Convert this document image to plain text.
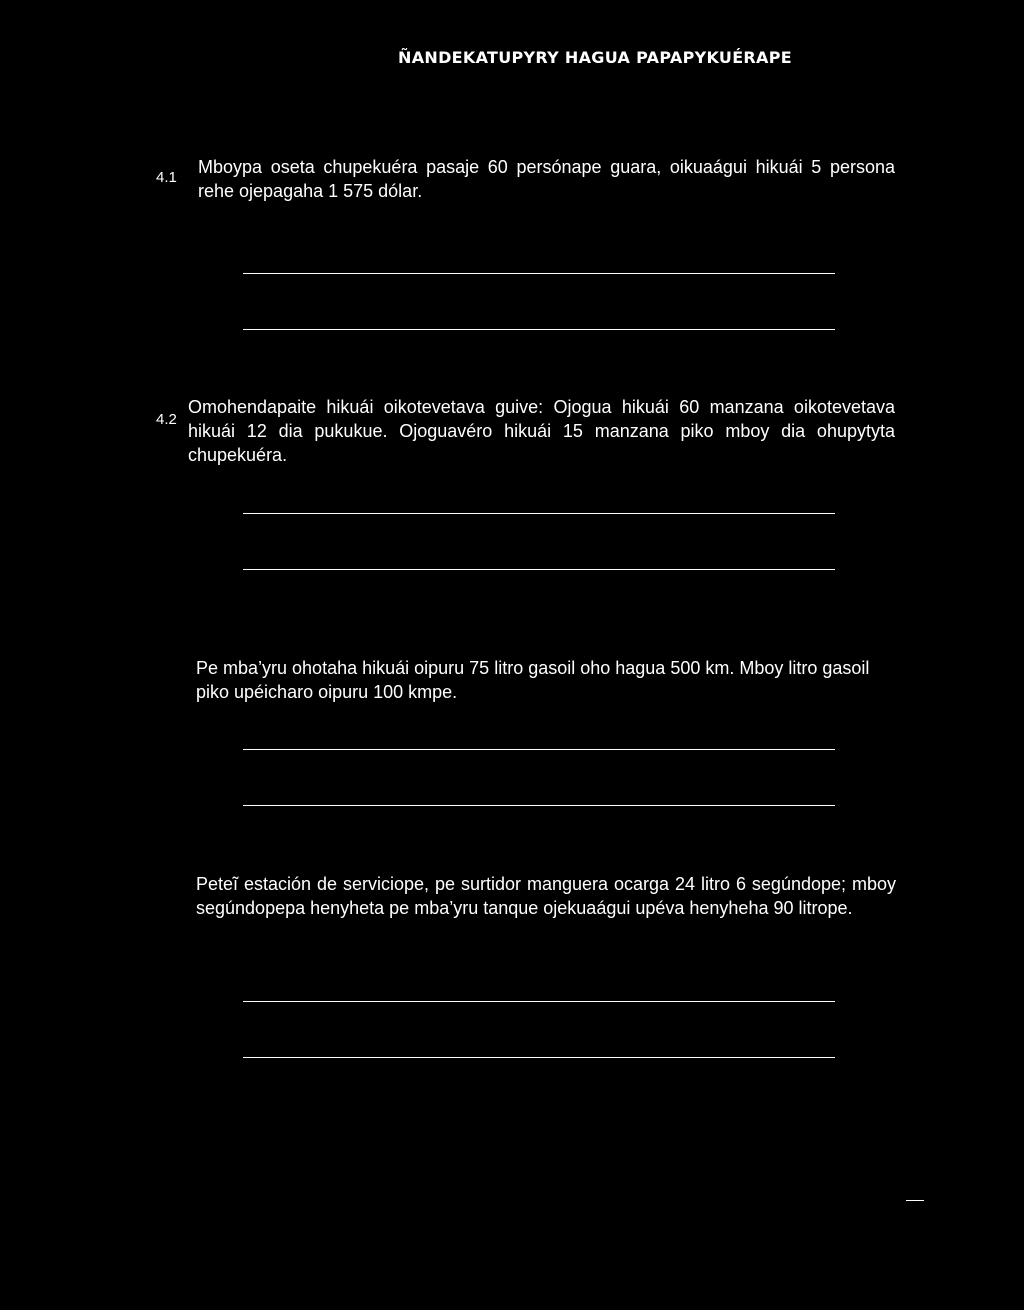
ÑANDEKATUPYRY HAGUA PAPAPYKUÉRAPE
4.1
Mboypa oseta chupekuéra pasaje 60 persónape guara, oikuaágui hikuái 5 persona rehe ojepagaha 1 575 dólar.
4.2
Omohendapaite hikuái oikotevetava guive: Ojogua hikuái 60 manzana oikotevetava hikuái 12 dia pukukue. Ojoguavéro hikuái 15 manzana piko mboy dia ohupytyta chupekuéra.
Pe mba’yru ohotaha hikuái oipuru 75 litro gasoil oho hagua 500 km. Mboy litro gasoil piko upéicharo oipuru 100 kmpe.
Peteĩ estación de serviciope, pe surtidor manguera ocarga 24 litro 6 segúndope; mboy segúndopepa henyheta pe mba’yru tanque ojekuaágui upéva henyheha 90 litrope.
